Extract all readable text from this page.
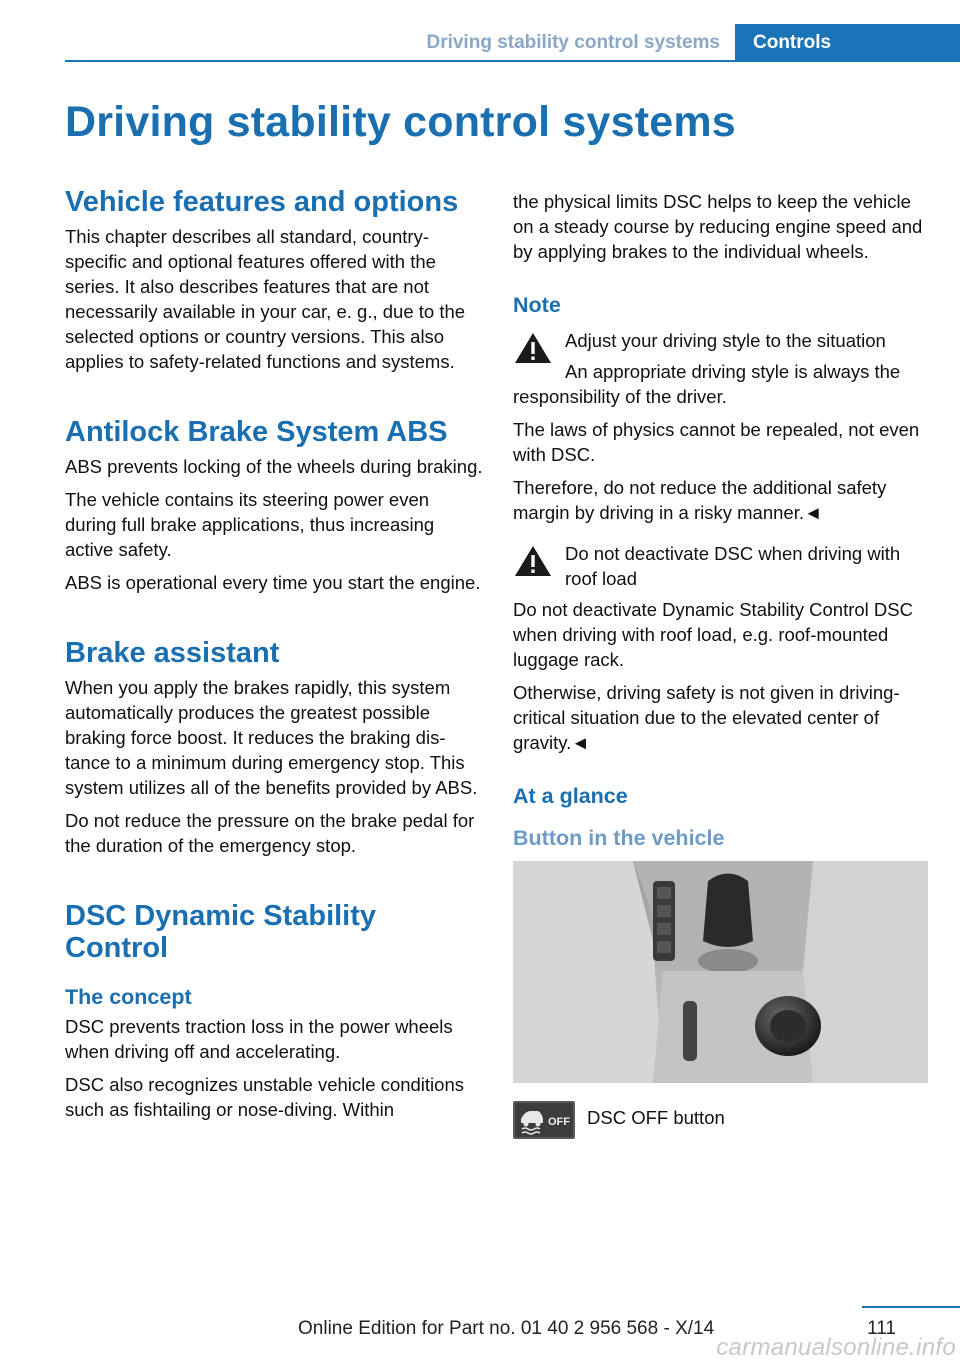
Driving stability control systems	Controls
Driving stability control systems
Vehicle features and options

This chapter describes all standard, country-specific and optional features offered with the series. It also describes features that are not necessarily available in your car, e. g., due to the selected options or country versions. This also applies to safety-related functions and systems.

Antilock Brake System ABS

ABS prevents locking of the wheels during braking.

The vehicle contains its steering power even during full brake applications, thus increasing active safety.

ABS is operational every time you start the engine.

Brake assistant

When you apply the brakes rapidly, this system automatically produces the greatest possible braking force boost. It reduces the braking distance to a minimum during emergency stop. This system utilizes all of the benefits provided by ABS.

Do not reduce the pressure on the brake pedal for the duration of the emergency stop.

DSC Dynamic Stability Control
The concept

DSC prevents traction loss in the power wheels when driving off and accelerating.

DSC also recognizes unstable vehicle conditions such as fishtailing or nose-diving. Within

the physical limits DSC helps to keep the vehicle on a steady course by reducing engine speed and by applying brakes to the individual wheels.

Note

Adjust your driving style to the situation

An appropriate driving style is always the responsibility of the driver.

The laws of physics cannot be repealed, not even with DSC.

Therefore, do not reduce the additional safety margin by driving in a risky manner.◄

Do not deactivate DSC when driving with roof load

Do not deactivate Dynamic Stability Control DSC when driving with roof load, e.g. roof-mounted luggage rack.

Otherwise, driving safety is not given in driving-critical situation due to the elevated center of gravity.◄

At a glance
Button in the vehicle
OFF DSC OFF button

Online Edition for Part no. 01 40 2 956 568 - X/14	111
carmanualsonline.info
